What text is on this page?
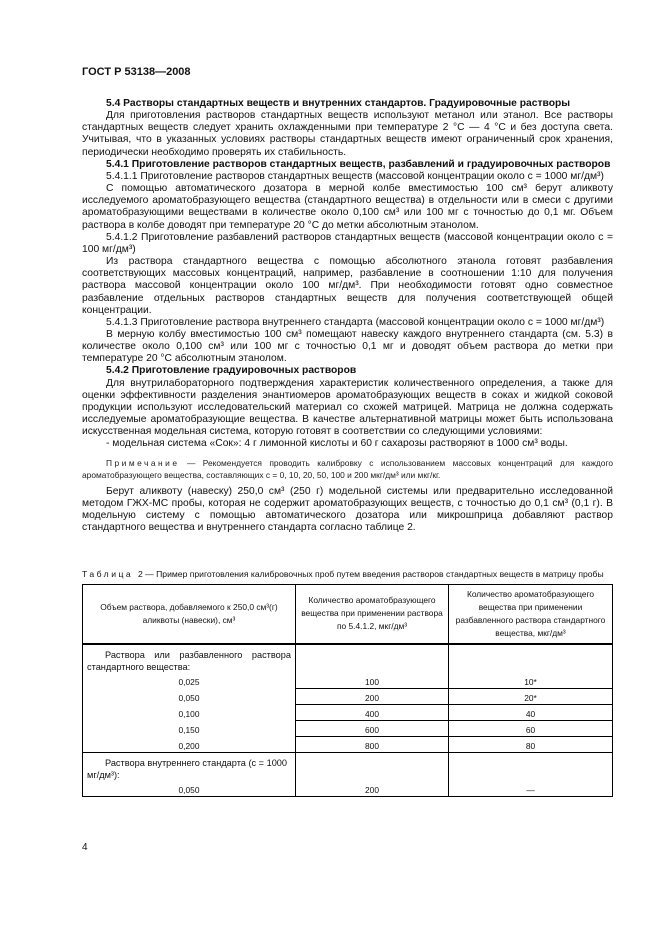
ГОСТ Р 53138—2008

5.4 Растворы стандартных веществ и внутренних стандартов. Градуировочные растворы

Для приготовления растворов стандартных веществ используют метанол или этанол. Все растворы стандартных веществ следует хранить охлажденными при температуре 2 °С — 4 °С и без доступа света. Учитывая, что в указанных условиях растворы стандартных веществ имеют ограниченный срок хранения, периодически необходимо проверять их стабильность.

5.4.1 Приготовление растворов стандартных веществ, разбавлений и градуировочных растворов

5.4.1.1 Приготовление растворов стандартных веществ (массовой концентрации около с = 1000 мг/дм³)

С помощью автоматического дозатора в мерной колбе вместимостью 100 см³ берут аликвоту исследуемого ароматобразующего вещества (стандартного вещества) в отдельности или в смеси с другими ароматобразующими веществами в количестве около 0,100 см³ или 100 мг с точностью до 0,1 мг. Объем раствора в колбе доводят при температуре 20 °С до метки абсолютным этанолом.

5.4.1.2 Приготовление разбавлений растворов стандартных веществ (массовой концентрации около с = 100 мг/дм³)

Из раствора стандартного вещества с помощью абсолютного этанола готовят разбавления соответствующих массовых концентраций, например, разбавление в соотношении 1:10 для получения раствора массовой концентрации около 100 мг/дм³. При необходимости готовят одно совместное разбавление отдельных растворов стандартных веществ для получения соответствующей общей концентрации.

5.4.1.3 Приготовление раствора внутреннего стандарта (массовой концентрации около с = 1000 мг/дм³)

В мерную колбу вместимостью 100 см³ помещают навеску каждого внутреннего стандарта (см. 5.3) в количестве около 0,100 см³ или 100 мг с точностью 0,1 мг и доводят объем раствора до метки при температуре 20 °С абсолютным этанолом.

5.4.2 Приготовление градуировочных растворов

Для внутрилабораторного подтверждения характеристик количественного определения, а также для оценки эффективности разделения энантиомеров ароматобразующих веществ в соках и жидкой соковой продукции используют исследовательский материал со схожей матрицей. Матрица не должна содержать исследуемые ароматобразующие вещества. В качестве альтернативной матрицы может быть использована искусственная модельная система, которую готовят в соответствии со следующими условиями:

- модельная система «Сок»: 4 г лимонной кислоты и 60 г сахарозы растворяют в 1000 см³ воды.

Примечание — Рекомендуется проводить калибровку с использованием массовых концентраций для каждого ароматобразующего вещества, составляющих с = 0, 10, 20, 50, 100 и 200 мкг/дм³ или мкг/кг.

Берут аликвоту (навеску) 250,0 см³ (250 г) модельной системы или предварительно исследованной методом ГЖХ-МС пробы, которая не содержит ароматобразующих веществ, с точностью до 0,1 см³ (0,1 г). В модельную систему с помощью автоматического дозатора или микрошприца добавляют раствор стандартного вещества и внутреннего стандарта согласно таблице 2.

Таблица 2 — Пример приготовления калибровочных проб путем введения растворов стандартных веществ в матрицу пробы

Объем раствора, добавляемого к 250,0 см³(г) аликвоты (навески), см³	Количество ароматобразующего вещества при применении раствора по 5.4.1.2, мкг/дм³	Количество ароматобразующего вещества при применении разбавленного раствора стандартного вещества, мкг/дм³
Раствора или разбавленного раствора стандартного вещества:		
0,025	100	10*
0,050	200	20*
0,100	400	40
0,150	600	60
0,200	800	80
Раствора внутреннего стандарта (с = 1000 мг/дм³):		
0,050	200	—
4
